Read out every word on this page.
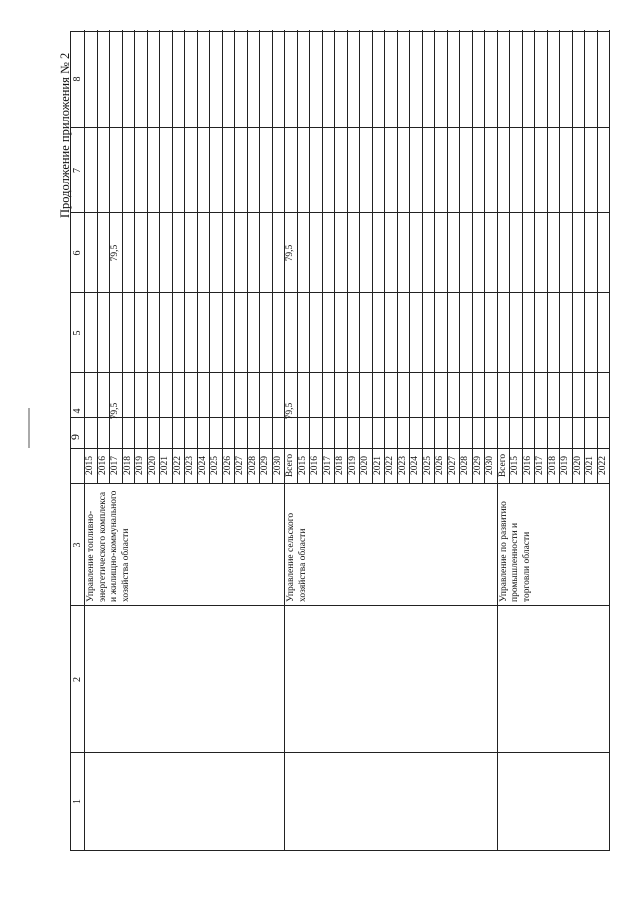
9
Продолжение приложения № 2
1
2
3
4
5
6
7
8
Управление топливно-энергетического комплекса и жилищно-коммунального хозяйства области
2015 2016 2017
79,5
79,5
2018 2019 2020 2021 2022 2023 2024 2025 2026 2027 2028 2029 2030
Управление сельского хозяйства области
Всего
79,5
79,5
2015 2016 2017 2018 2019 2020 2021 2022 2023 2024 2025 2026 2027 2028 2029 2030
Управление по развитию промышленности и торговли области
Всего 2015 2016 2017 2018 2019 2020 2021 2022
